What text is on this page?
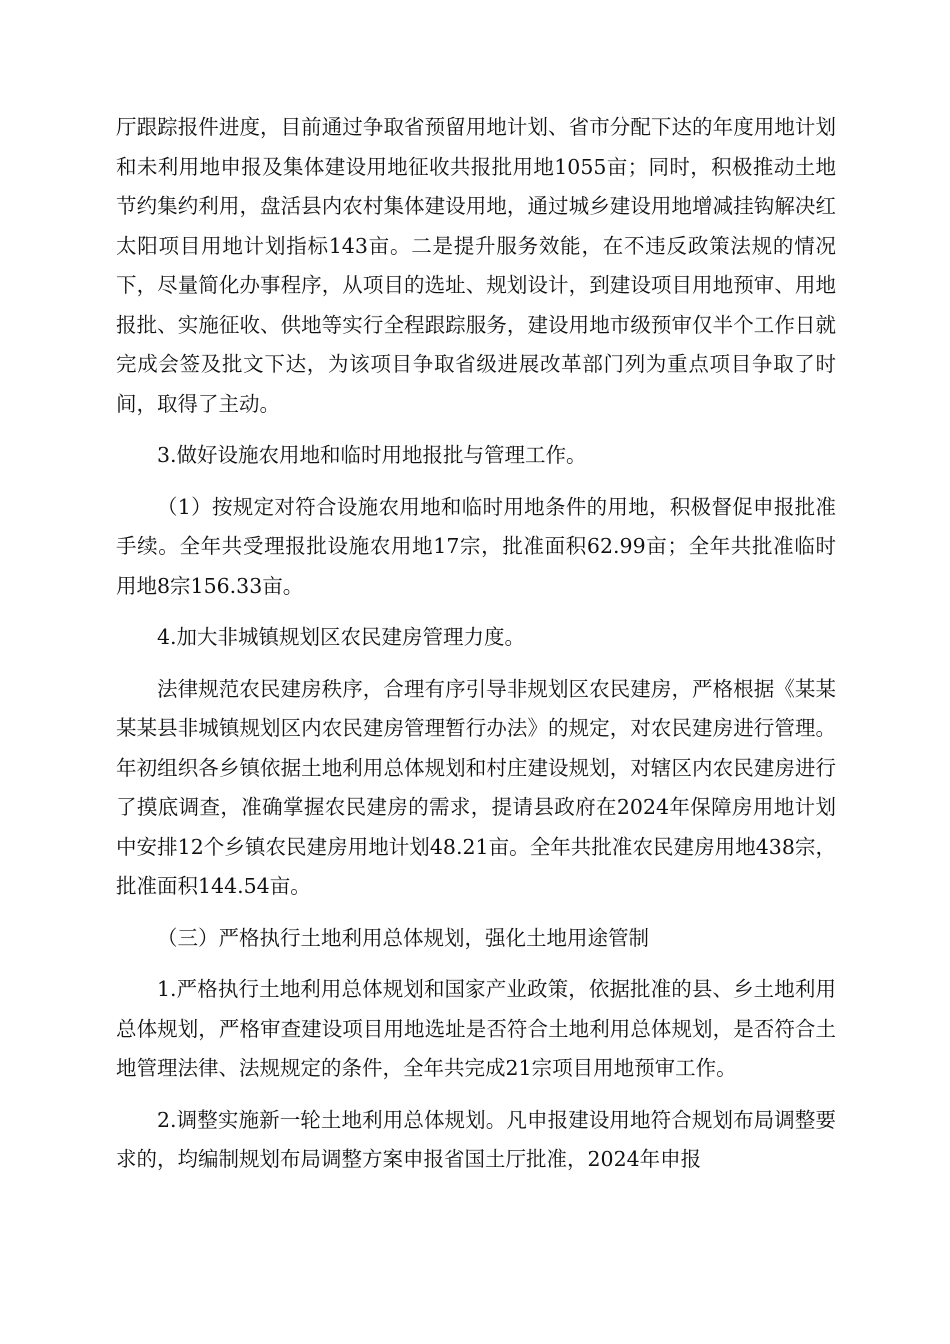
厅跟踪报件进度，目前通过争取省预留用地计划、省市分配下达的年度用地计划和未利用地申报及集体建设用地征收共报批用地1055亩；同时，积极推动土地节约集约利用，盘活县内农村集体建设用地，通过城乡建设用地增减挂钩解决红太阳项目用地计划指标143亩。二是提升服务效能，在不违反政策法规的情况下，尽量简化办事程序，从项目的选址、规划设计，到建设项目用地预审、用地报批、实施征收、供地等实行全程跟踪服务，建设用地市级预审仅半个工作日就完成会签及批文下达，为该项目争取省级进展改革部门列为重点项目争取了时间，取得了主动。

3.做好设施农用地和临时用地报批与管理工作。

（1）按规定对符合设施农用地和临时用地条件的用地，积极督促申报批准手续。全年共受理报批设施农用地17宗，批准面积62.99亩；全年共批准临时用地8宗156.33亩。

4.加大非城镇规划区农民建房管理力度。

法律规范农民建房秩序，合理有序引导非规划区农民建房，严格根据《某某某某县非城镇规划区内农民建房管理暂行办法》的规定，对农民建房进行管理。年初组织各乡镇依据土地利用总体规划和村庄建设规划，对辖区内农民建房进行了摸底调查，准确掌握农民建房的需求，提请县政府在2024年保障房用地计划中安排12个乡镇农民建房用地计划48.21亩。全年共批准农民建房用地438宗，批准面积144.54亩。

（三）严格执行土地利用总体规划，强化土地用途管制

1.严格执行土地利用总体规划和国家产业政策，依据批准的县、乡土地利用总体规划，严格审查建设项目用地选址是否符合土地利用总体规划，是否符合土地管理法律、法规规定的条件，全年共完成21宗项目用地预审工作。

2.调整实施新一轮土地利用总体规划。凡申报建设用地符合规划布局调整要求的，均编制规划布局调整方案申报省国土厅批准，2024年申报
